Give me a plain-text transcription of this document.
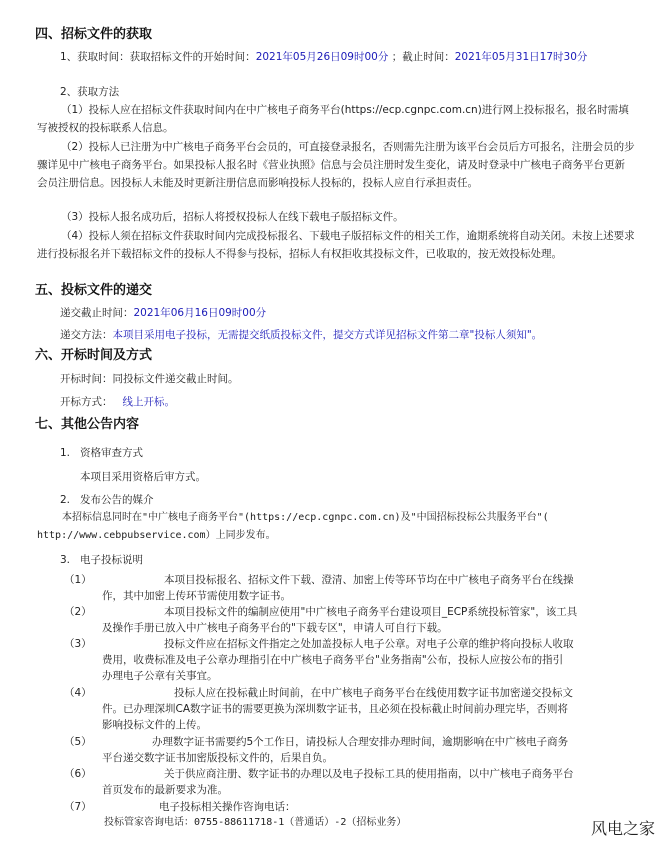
四、招标文件的获取
1、获取时间：获取招标文件的开始时间：2021年05月26日09时00分 ；截止时间：2021年05月31日17时30分
2、获取方法
（1）投标人应在招标文件获取时间内在中广核电子商务平台(https://ecp.cgnpc.com.cn)进行网上投标报名，报名时需填写被授权的投标联系人信息。
（2）投标人已注册为中广核电子商务平台会员的，可直接登录报名，否则需先注册为该平台会员后方可报名，注册会员的步骤详见中广核电子商务平台。如果投标人报名时《营业执照》信息与会员注册时发生变化，请及时登录中广核电子商务平台更新会员注册信息。因投标人未能及时更新注册信息而影响投标人投标的，投标人应自行承担责任。
（3）投标人报名成功后，招标人将授权投标人在线下载电子版招标文件。
（4）投标人须在招标文件获取时间内完成投标报名、下载电子版招标文件的相关工作，逾期系统将自动关闭。未按上述要求进行投标报名并下载招标文件的投标人不得参与投标，招标人有权拒收其投标文件，已收取的，按无效投标处理。
五、投标文件的递交
递交截止时间：2021年06月16日09时00分
递交方法：本项目采用电子投标，无需提交纸质投标文件，提交方式详见招标文件第二章"投标人须知"。
六、开标时间及方式
开标时间：同投标文件递交截止时间。
开标方式： 线上开标。
七、其他公告内容
1. 资格审查方式
本项目采用资格后审方式。
2. 发布公告的媒介
本招标信息同时在"中广核电子商务平台"(https://ecp.cgnpc.com.cn)及"中国招标投标公共服务平台"(
http://www.cebpubservice.com）上同步发布。
3. 电子投标说明
（1）	本项目投标报名、招标文件下载、澄清、加密上传等环节均在中广核电子商务平台在线操
作，其中加密上传环节需使用数字证书。
（2）	本项目投标文件的编制应使用"中广核电子商务平台建设项目_ECP系统投标管家"，该工具
及操作手册已放入中广核电子商务平台的"下载专区"，申请人可自行下载。
（3）	投标文件应在招标文件指定之处加盖投标人电子公章。对电子公章的维护将向投标人收取
费用，收费标准及电子公章办理指引在中广核电子商务平台"业务指南"公布，投标人应按公布的指引
办理电子公章有关事宜。
（4）	投标人应在投标截止时间前，在中广核电子商务平台在线使用数字证书加密递交投标文
件。已办理深圳CA数字证书的需要更换为深圳数字证书，且必须在投标截止时间前办理完毕，否则将
影响投标文件的上传。
（5）	办理数字证书需要约5个工作日，请投标人合理安排办理时间，逾期影响在中广核电子商务
平台递交数字证书加密版投标文件的，后果自负。
（6）	关于供应商注册、数字证书的办理以及电子投标工具的使用指南，以中广核电子商务平台
首页发布的最新要求为准。
（7）	电子投标相关操作咨询电话：
投标管家咨询电话：0755-88611718-1（普通话）-2（招标业务）	风电之家
